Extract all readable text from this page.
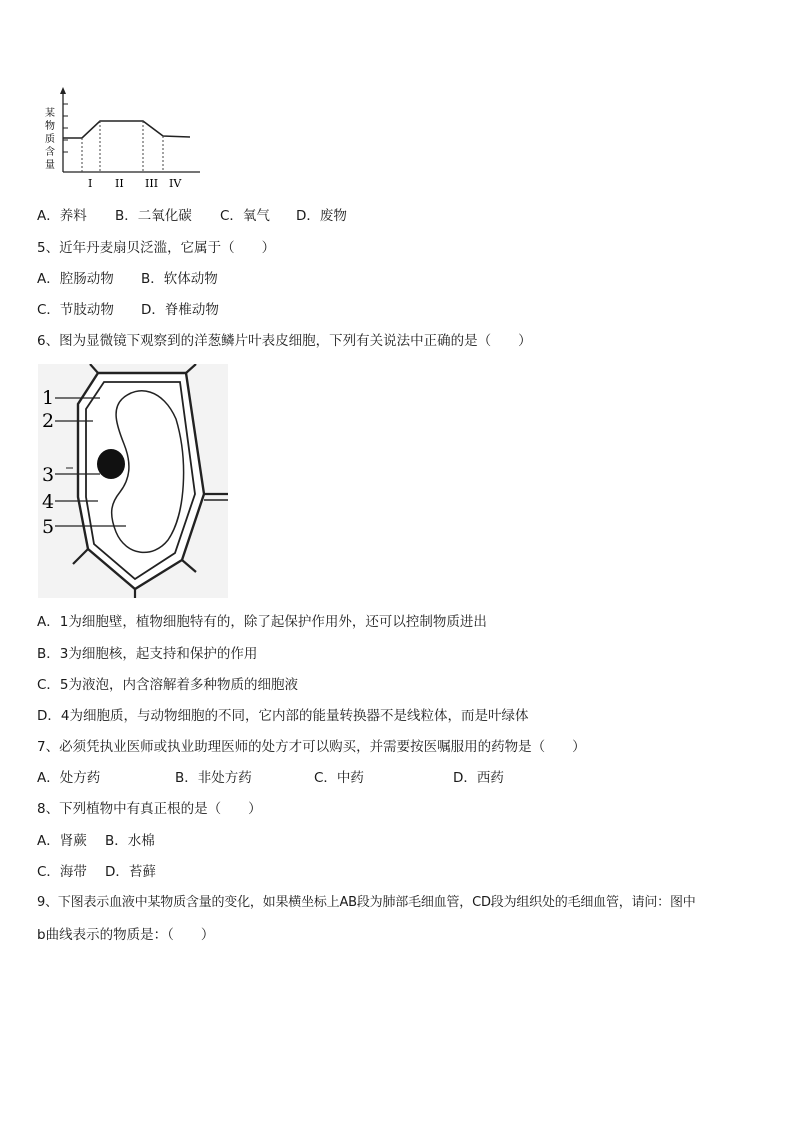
某
物
质
含
量
I II III IV
A．养料 B．二氧化碳 C．氧气 D．废物
5、近年丹麦扇贝泛滥，它属于（　　）
A．腔肠动物 B．软体动物
C．节肢动物 D．脊椎动物
6、图为显微镜下观察到的洋葱鳞片叶表皮细胞，下列有关说法中正确的是（　　）
1
2
3
4
5
A．1为细胞壁，植物细胞特有的，除了起保护作用外，还可以控制物质进出
B．3为细胞核，起支持和保护的作用
C．5为液泡，内含溶解着多种物质的细胞液
D．4为细胞质，与动物细胞的不同，它内部的能量转换器不是线粒体，而是叶绿体
7、必须凭执业医师或执业助理医师的处方才可以购买，并需要按医嘱服用的药物是（　　）
A．处方药	B．非处方药	C．中药	D．西药
8、下列植物中有真正根的是（　　）
A．肾蕨 B．水棉
C．海带 D．苔藓
9、下图表示血液中某物质含量的变化，如果横坐标上AB段为肺部毛细血管，CD段为组织处的毛细血管，请问：图中
b曲线表示的物质是：（　　）
